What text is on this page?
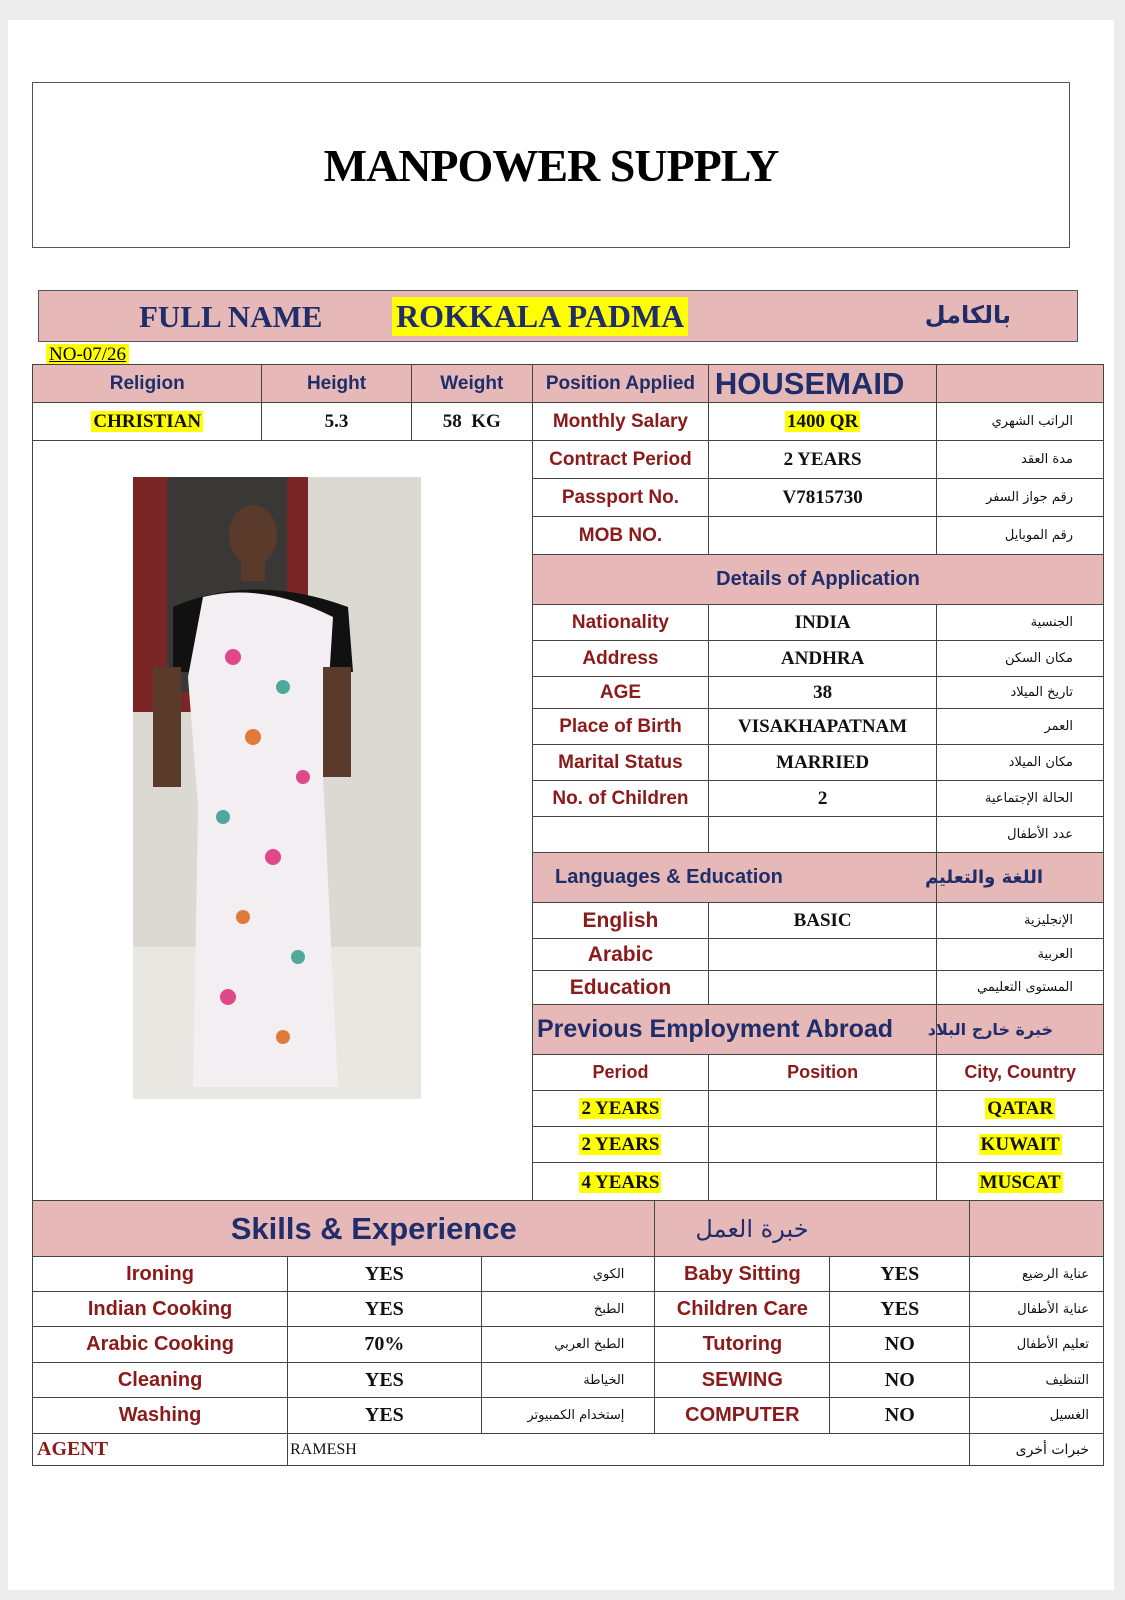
MANPOWER SUPPLY
FULL NAME ROKKALA PADMA	بالكامل
NO-07/26
Religion	Height	Weight	Position Applied	HOUSEMAID	
CHRISTIAN	5.3	58  KG	Monthly Salary	1400 QR	الراتب الشهري

	Contract Period	2 YEARS	مدة العقد
			Passport No.	V7815730	رقم جواز السفر
			MOB NO.		رقم الموبايل
			Details of Application		
			Nationality	INDIA	الجنسية
			Address	ANDHRA	مكان السكن
			AGE	38	تاريخ الميلاد
			Place of Birth	VISAKHAPATNAM	العمر
			Marital Status	MARRIED	مكان الميلاد
			No. of Children	2	الحالة الإجتماعية
					عدد الأطفال
			Languages & Education		اللغة والتعليم
			English	BASIC	الإنجليزية
			Arabic		العربية
			Education		المستوى التعليمي
			Previous Employment Abroad		خبرة خارج البلاد
			Period	Position	City, Country
			2 YEARS		QATAR
			2 YEARS		KUWAIT
			4 YEARS		MUSCAT
Skills & Experience			خبرة العمل		
Ironing	YES	الكوي	Baby Sitting	YES	عناية الرضيع
Indian Cooking	YES	الطبخ	Children Care	YES	عناية الأطفال
Arabic Cooking	70%	الطبخ العربي	Tutoring	NO	تعليم الأطفال
Cleaning	YES	الخياطة	SEWING	NO	التنظيف
Washing	YES	إستخدام الكمبيوتر	COMPUTER	NO	الغسيل
AGENT	RAMESH				خبرات أخرى
